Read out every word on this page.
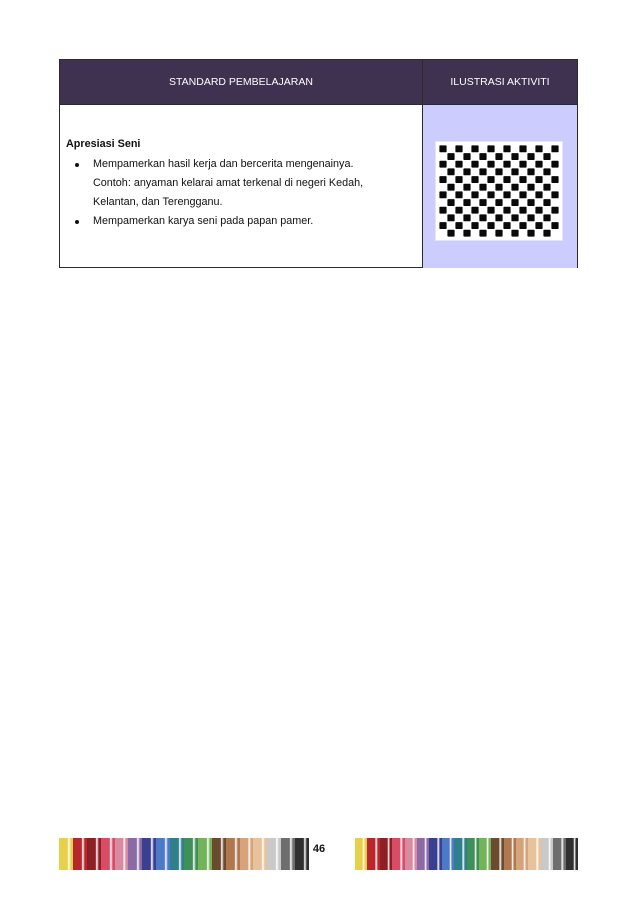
STANDARD PEMBELAJARAN	ILUSTRASI AKTIVITI

Apresiasi Seni

Mempamerkan hasil kerja dan bercerita mengenainya.
Contoh: anyaman kelarai amat terkenal di negeri Kedah,
Kelantan, dan Terengganu.
Mempamerkan karya seni pada papan pamer.
46
